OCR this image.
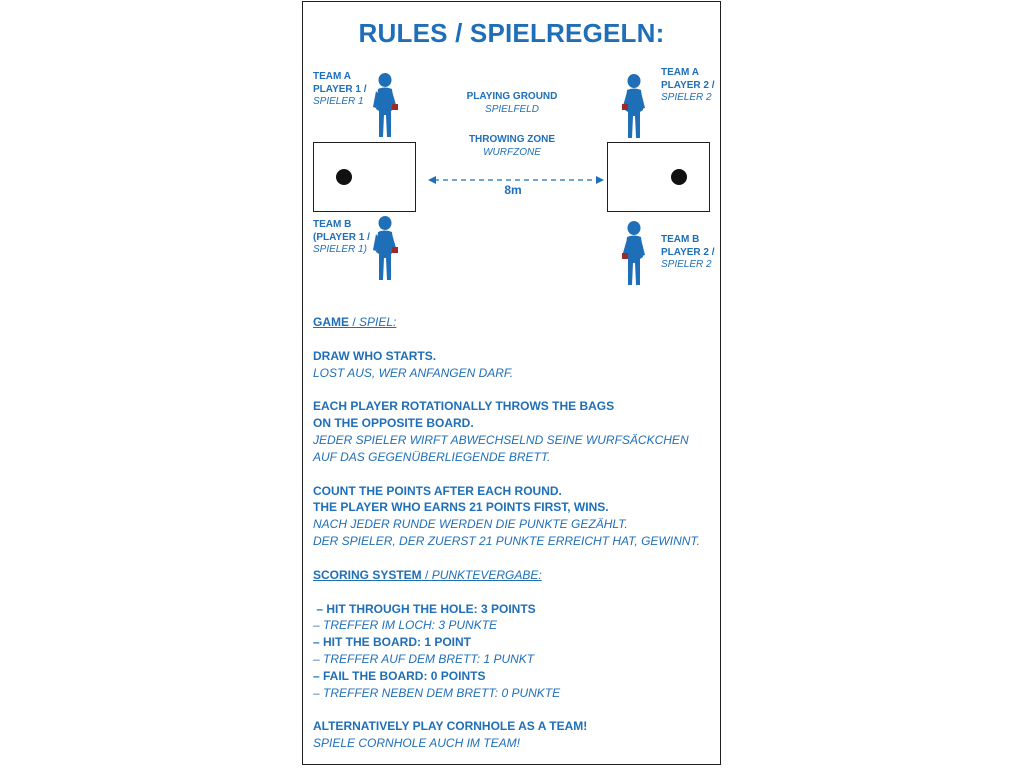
RULES / SPIELREGELN:
TEAM A
PLAYER 1 /
SPIELER 1
TEAM A
PLAYER 2 /
SPIELER 2
PLAYING GROUND
SPIELFELD
THROWING ZONE
WURFZONE
8m
TEAM B
(PLAYER 1 /
SPIELER 1)
TEAM B
PLAYER 2 /
SPIELER 2
GAME / SPIEL:
DRAW WHO STARTS.
LOST AUS, WER ANFANGEN DARF.
EACH PLAYER ROTATIONALLY THROWS THE BAGS
ON THE OPPOSITE BOARD.
JEDER SPIELER WIRFT ABWECHSELND SEINE WURFSÄCKCHEN
AUF DAS GEGENÜBERLIEGENDE BRETT.
COUNT THE POINTS AFTER EACH ROUND.
THE PLAYER WHO EARNS 21 POINTS FIRST, WINS.
NACH JEDER RUNDE WERDEN DIE PUNKTE GEZÄHLT.
DER SPIELER, DER ZUERST 21 PUNKTE ERREICHT HAT, GEWINNT.
SCORING SYSTEM / PUNKTEVERGABE:
– HIT THROUGH THE HOLE: 3 POINTS
– TREFFER IM LOCH: 3 PUNKTE
– HIT THE BOARD: 1 POINT
– TREFFER AUF DEM BRETT: 1 PUNKT
– FAIL THE BOARD: 0 POINTS
– TREFFER NEBEN DEM BRETT: 0 PUNKTE
ALTERNATIVELY PLAY CORNHOLE AS A TEAM!
SPIELE CORNHOLE AUCH IM TEAM!
